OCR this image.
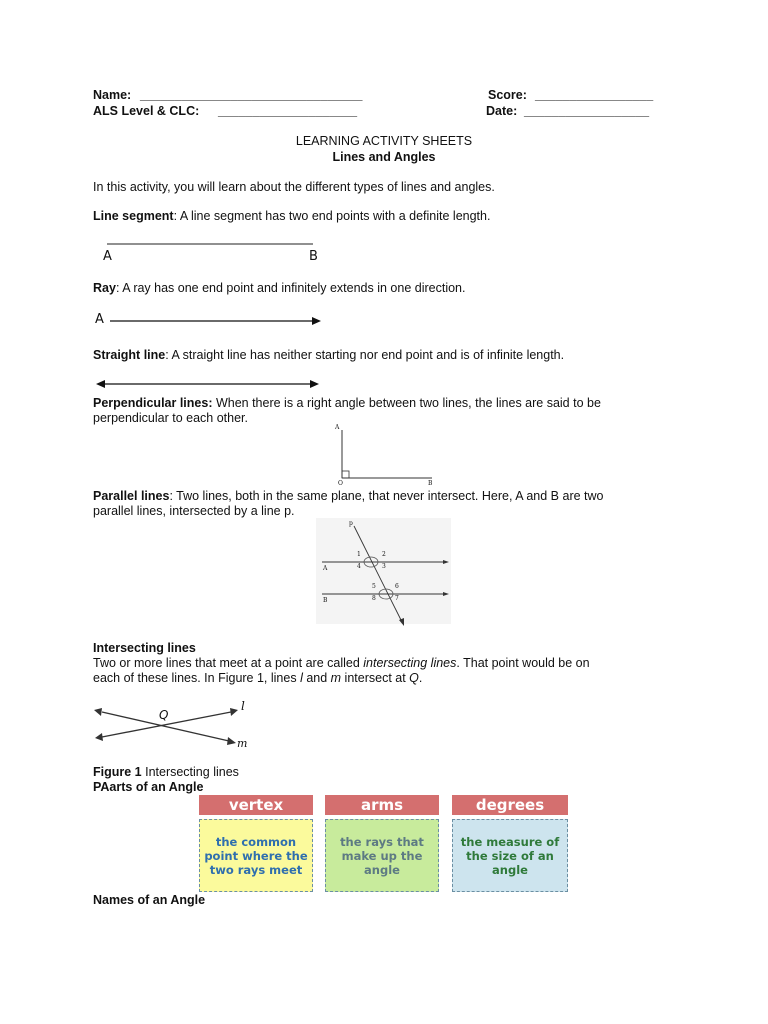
Name: ________________________________	Score: _________________
ALS Level & CLC: ____________________	Date: __________________
LEARNING ACTIVITY SHEETS
Lines and Angles
In this activity, you will learn about the different types of lines and angles.
Line segment: A line segment has two end points with a definite length.
A	B
Ray: A ray has one end point and infinitely extends in one direction.
A
Straight line: A straight line has neither starting nor end point and is of infinite length.
Perpendicular lines: When there is a right angle between two lines, the lines are said to be
perpendicular to each other.
A
O	B
Parallel lines: Two lines, both in the same plane, that never intersect. Here, A and B are two
parallel lines, intersected by a line p.
p
A
B
1	2
4	3
5	6
8	7
Intersecting lines
Two or more lines that meet at a point are called intersecting lines. That point would be on
each of these lines. In Figure 1, lines l and m intersect at Q.
Q
l
m
Figure 1 Intersecting lines
PAarts of an Angle
vertex
the common point where the two rays meet
arms
the rays that make up the angle
degrees
the measure of the size of an angle
Names of an Angle
